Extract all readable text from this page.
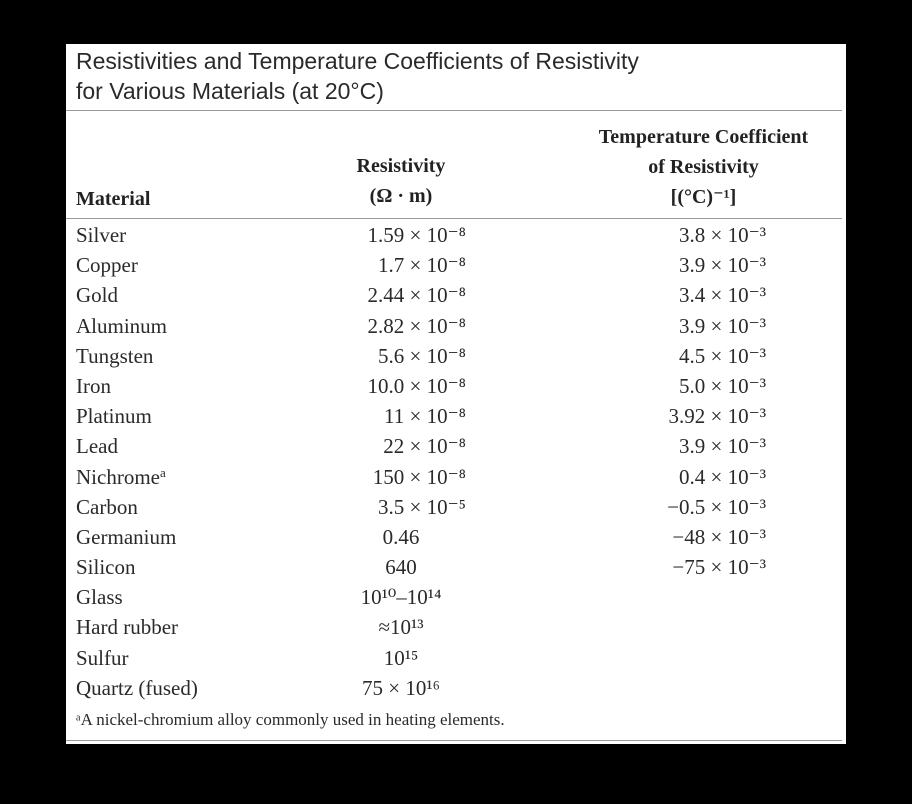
Resistivities and Temperature Coefficients of Resistivity
for Various Materials (at 20°C)
Material
Resistivity
(Ω · m)
Temperature Coefficient
of Resistivity
[(°C)⁻¹]
Silver	1.59 × 10⁻⁸	3.8 × 10⁻³
Copper	1.7 × 10⁻⁸	3.9 × 10⁻³
Gold	2.44 × 10⁻⁸	3.4 × 10⁻³
Aluminum	2.82 × 10⁻⁸	3.9 × 10⁻³
Tungsten	5.6 × 10⁻⁸	4.5 × 10⁻³
Iron	10.0 × 10⁻⁸	5.0 × 10⁻³
Platinum	11 × 10⁻⁸	3.92 × 10⁻³
Lead	22 × 10⁻⁸	3.9 × 10⁻³
Nichrome$^a$	150 × 10⁻⁸	0.4 × 10⁻³
Carbon	3.5 × 10⁻⁵	−0.5 × 10⁻³
Germanium	0.46	−48 × 10⁻³
Silicon	640	−75 × 10⁻³
Glass	10¹⁰–10¹⁴
Hard rubber	≈10¹³
Sulfur	10¹⁵
Quartz (fused)	75 × 10¹⁶
ᵃA nickel-chromium alloy commonly used in heating elements.
